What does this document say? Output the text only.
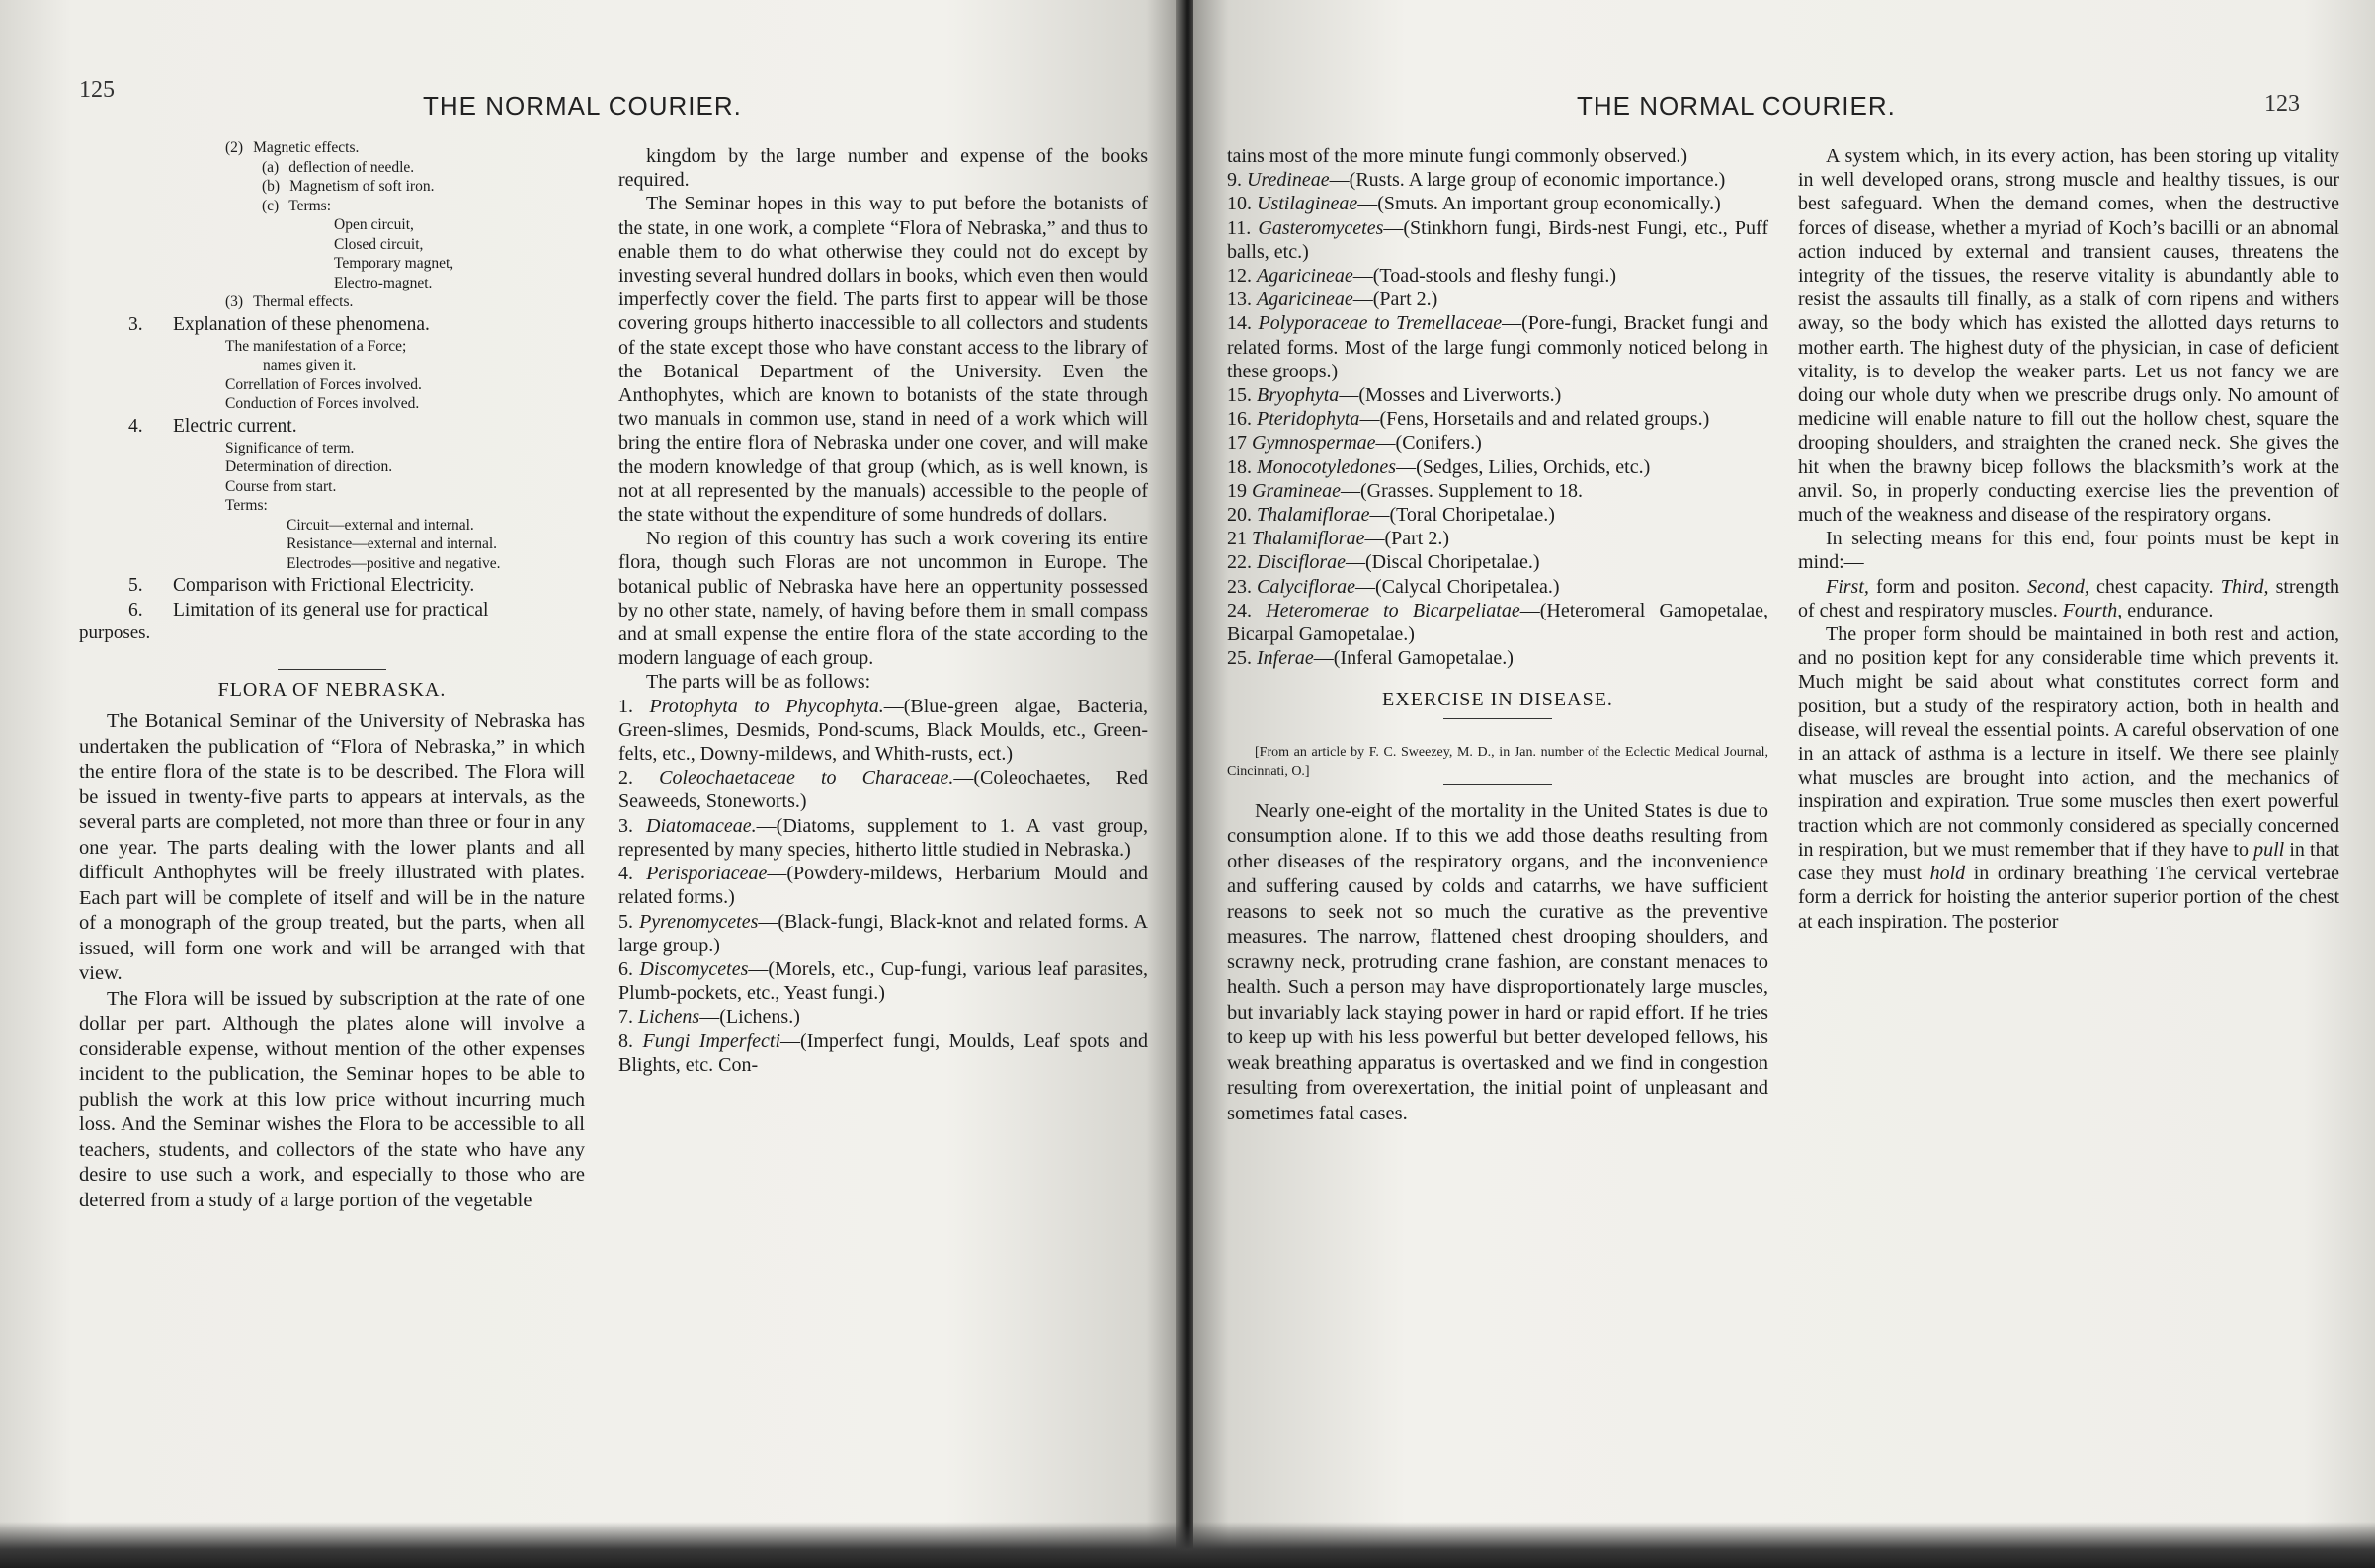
125
THE NORMAL COURIER.
(2) Magnetic effects.
(a) deflection of needle.
(b) Magnetism of soft iron.
(c) Terms:
Open circuit,
Closed circuit,
Temporary magnet,
Electro-magnet.
(3) Thermal effects.
3. Explanation of these phenomena.
The manifestation of a Force;
names given it.
Correllation of Forces involved.
Conduction of Forces involved.
4. Electric current.
Significance of term.
Determination of direction.
Course from start.
Terms:
Circuit—external and internal.
Resistance—external and internal.
Electrodes—positive and negative.
5. Comparison with Frictional Electricity.
6. Limitation of its general use for practical

purposes.

FLORA OF NEBRASKA.

The Botanical Seminar of the University of Nebraska has undertaken the publication of “Flora of Nebraska,” in which the entire flora of the state is to be described. The Flora will be issued in twenty-five parts to appears at intervals, as the several parts are completed, not more than three or four in any one year. The parts dealing with the lower plants and all difficult Anthophytes will be freely illustrated with plates. Each part will be complete of itself and will be in the nature of a monograph of the group treated, but the parts, when all issued, will form one work and will be arranged with that view.

The Flora will be issued by subscription at the rate of one dollar per part. Although the plates alone will involve a considerable expense, without mention of the other expenses incident to the publication, the Seminar hopes to be able to publish the work at this low price without incurring much loss. And the Seminar wishes the Flora to be accessible to all teachers, students, and collectors of the state who have any desire to use such a work, and especially to those who are deterred from a study of a large portion of the vegetable

kingdom by the large number and expense of the books required.

The Seminar hopes in this way to put before the botanists of the state, in one work, a complete “Flora of Nebraska,” and thus to enable them to do what otherwise they could not do except by investing several hundred dollars in books, which even then would imperfectly cover the field. The parts first to appear will be those covering groups hitherto inaccessible to all collectors and students of the state except those who have constant access to the library of the Botanical Department of the University. Even the Anthophytes, which are known to botanists of the state through two manuals in common use, stand in need of a work which will bring the entire flora of Nebraska under one cover, and will make the modern knowledge of that group (which, as is well known, is not at all represented by the manuals) accessible to the people of the state without the expenditure of some hundreds of dollars.

No region of this country has such a work covering its entire flora, though such Floras are not uncommon in Europe. The botanical public of Nebraska have here an oppertunity possessed by no other state, namely, of having before them in small compass and at small expense the entire flora of the state according to the modern language of each group.

The parts will be as follows:

1. Protophyta to Phycophyta.—(Blue-green algae, Bacteria, Green-slimes, Desmids, Pond-scums, Black Moulds, etc., Green-felts, etc., Downy-mildews, and Whith-rusts, ect.)

2. Coleochaetaceae to Characeae.—(Coleochaetes, Red Seaweeds, Stoneworts.)

3. Diatomaceae.—(Diatoms, supplement to 1. A vast group, represented by many species, hitherto little studied in Nebraska.)

4. Perisporiaceae—(Powdery-mildews, Herbarium Mould and related forms.)

5. Pyrenomycetes—(Black-fungi, Black-knot and related forms. A large group.)

6. Discomycetes—(Morels, etc., Cup-fungi, various leaf parasites, Plumb-pockets, etc., Yeast fungi.)

7. Lichens—(Lichens.)

8. Fungi Imperfecti—(Imperfect fungi, Moulds, Leaf spots and Blights, etc. Con-

THE NORMAL COURIER.	123

tains most of the more minute fungi commonly observed.)

9. Uredineae—(Rusts. A large group of economic importance.)

10. Ustilagineae—(Smuts. An important group economically.)

11. Gasteromycetes—(Stinkhorn fungi, Birds-nest Fungi, etc., Puff balls, etc.)

12. Agaricineae—(Toad-stools and fleshy fungi.)

13. Agaricineae—(Part 2.)

14. Polyporaceae to Tremellaceae—(Pore-fungi, Bracket fungi and related forms. Most of the large fungi commonly noticed belong in these groops.)

15. Bryophyta—(Mosses and Liverworts.)

16. Pteridophyta—(Fens, Horsetails and and related groups.)

17 Gymnospermae—(Conifers.)

18. Monocotyledones—(Sedges, Lilies, Orchids, etc.)

19 Gramineae—(Grasses. Supplement to 18.

20. Thalamiflorae—(Toral Choripetalae.)

21 Thalamiflorae—(Part 2.)

22. Disciflorae—(Discal Choripetalae.)

23. Calyciflorae—(Calycal Choripetalea.)

24. Heteromerae to Bicarpeliatae—(Heteromeral Gamopetalae, Bicarpal Gamopetalae.)

25. Inferae—(Inferal Gamopetalae.)

EXERCISE IN DISEASE.

[From an article by F. C. Sweezey, M. D., in Jan. number of the Eclectic Medical Journal, Cincinnati, O.]

Nearly one-eight of the mortality in the United States is due to consumption alone. If to this we add those deaths resulting from other diseases of the respiratory organs, and the inconvenience and suffering caused by colds and catarrhs, we have sufficient reasons to seek not so much the curative as the preventive measures. The narrow, flattened chest drooping shoulders, and scrawny neck, protruding crane fashion, are constant menaces to health. Such a person may have disproportionately large muscles, but invariably lack staying power in hard or rapid effort. If he tries to keep up with his less powerful but better developed fellows, his weak breathing apparatus is overtasked and we find in congestion resulting from overexertation, the initial point of unpleasant and sometimes fatal cases.

A system which, in its every action, has been storing up vitality in well developed orans, strong muscle and healthy tissues, is our best safeguard. When the demand comes, when the destructive forces of disease, whether a myriad of Koch’s bacilli or an abnomal action induced by external and transient causes, threatens the integrity of the tissues, the reserve vitality is abundantly able to resist the assaults till finally, as a stalk of corn ripens and withers away, so the body which has existed the allotted days returns to mother earth. The highest duty of the physician, in case of deficient vitality, is to develop the weaker parts. Let us not fancy we are doing our whole duty when we prescribe drugs only. No amount of medicine will enable nature to fill out the hollow chest, square the drooping shoulders, and straighten the craned neck. She gives the hit when the brawny bicep follows the blacksmith’s work at the anvil. So, in properly conducting exercise lies the prevention of much of the weakness and disease of the respiratory organs.

In selecting means for this end, four points must be kept in mind:—

First, form and positon. Second, chest capacity. Third, strength of chest and respiratory muscles. Fourth, endurance.

The proper form should be maintained in both rest and action, and no position kept for any considerable time which prevents it. Much might be said about what constitutes correct form and position, but a study of the respiratory action, both in health and disease, will reveal the essential points. A careful observation of one in an attack of asthma is a lecture in itself. We there see plainly what muscles are brought into action, and the mechanics of inspiration and expiration. True some muscles then exert powerful traction which are not commonly considered as specially concerned in respiration, but we must remember that if they have to pull in that case they must hold in ordinary breathing The cervical vertebrae form a derrick for hoisting the anterior superior portion of the chest at each inspiration. The posterior
